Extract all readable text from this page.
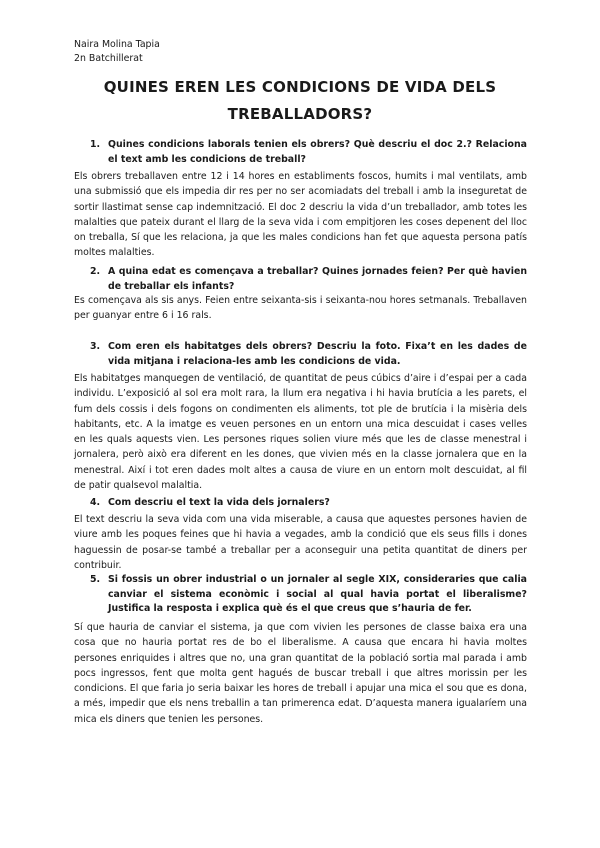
Naira Molina Tapia
2n Batchillerat
QUINES EREN LES CONDICIONS DE VIDA DELS TREBALLADORS?
1. Quines condicions laborals tenien els obrers? Què descriu el doc 2.? Relaciona el text amb les condicions de treball?
Els obrers treballaven entre 12 i 14 hores en establiments foscos, humits i mal ventilats, amb una submissió que els impedia dir res per no ser acomiadats del treball i amb la inseguretat de sortir llastimat sense cap indemnització. El doc 2 descriu la vida d’un treballador, amb totes les malalties que pateix durant el llarg de la seva vida i com empitjoren les coses depenent del lloc on treballa, Sí que les relaciona, ja que les males condicions han fet que aquesta persona patís moltes malalties.
2. A quina edat es començava a treballar? Quines jornades feien? Per què havien de treballar els infants?
Es començava als sis anys. Feien entre seixanta-sis i seixanta-nou hores setmanals. Treballaven per guanyar entre 6 i 16 rals.
3. Com eren els habitatges dels obrers? Descriu la foto. Fixa’t en les dades de vida mitjana i relaciona-les amb les condicions de vida.
Els habitatges manquegen de ventilació, de quantitat de peus cúbics d’aire i d’espai per a cada individu. L’exposició al sol era molt rara, la llum era negativa i hi havia brutícia a les parets, el fum dels cossis i dels fogons on condimenten els aliments, tot ple de brutícia i la misèria dels habitants, etc. A la imatge es veuen persones en un entorn una mica descuidat i cases velles en les quals aquests vien. Les persones riques solien viure més que les de classe menestral i jornalera, però això era diferent en les dones, que vivien més en la classe jornalera que en la menestral. Així i tot eren dades molt altes a causa de viure en un entorn molt descuidat, al fil de patir qualsevol malaltia.
4. Com descriu el text la vida dels jornalers?
El text descriu la seva vida com una vida miserable, a causa que aquestes persones havien de viure amb les poques feines que hi havia a vegades, amb la condició que els seus fills i dones haguessin de posar-se també a treballar per a aconseguir una petita quantitat de diners per contribuir.
5. Si fossis un obrer industrial o un jornaler al segle XIX, consideraries que calia canviar el sistema econòmic i social al qual havia portat el liberalisme? Justifica la resposta i explica què és el que creus que s’hauria de fer.
Sí que hauria de canviar el sistema, ja que com vivien les persones de classe baixa era una cosa que no hauria portat res de bo el liberalisme. A causa que encara hi havia moltes persones enriquides i altres que no, una gran quantitat de la població sortia mal parada i amb pocs ingressos, fent que molta gent hagués de buscar treball i que altres morissin per les condicions. El que faria jo seria baixar les hores de treball i apujar una mica el sou que es dona, a més, impedir que els nens treballin a tan primerenca edat. D’aquesta manera igualaríem una mica els diners que tenien les persones.
